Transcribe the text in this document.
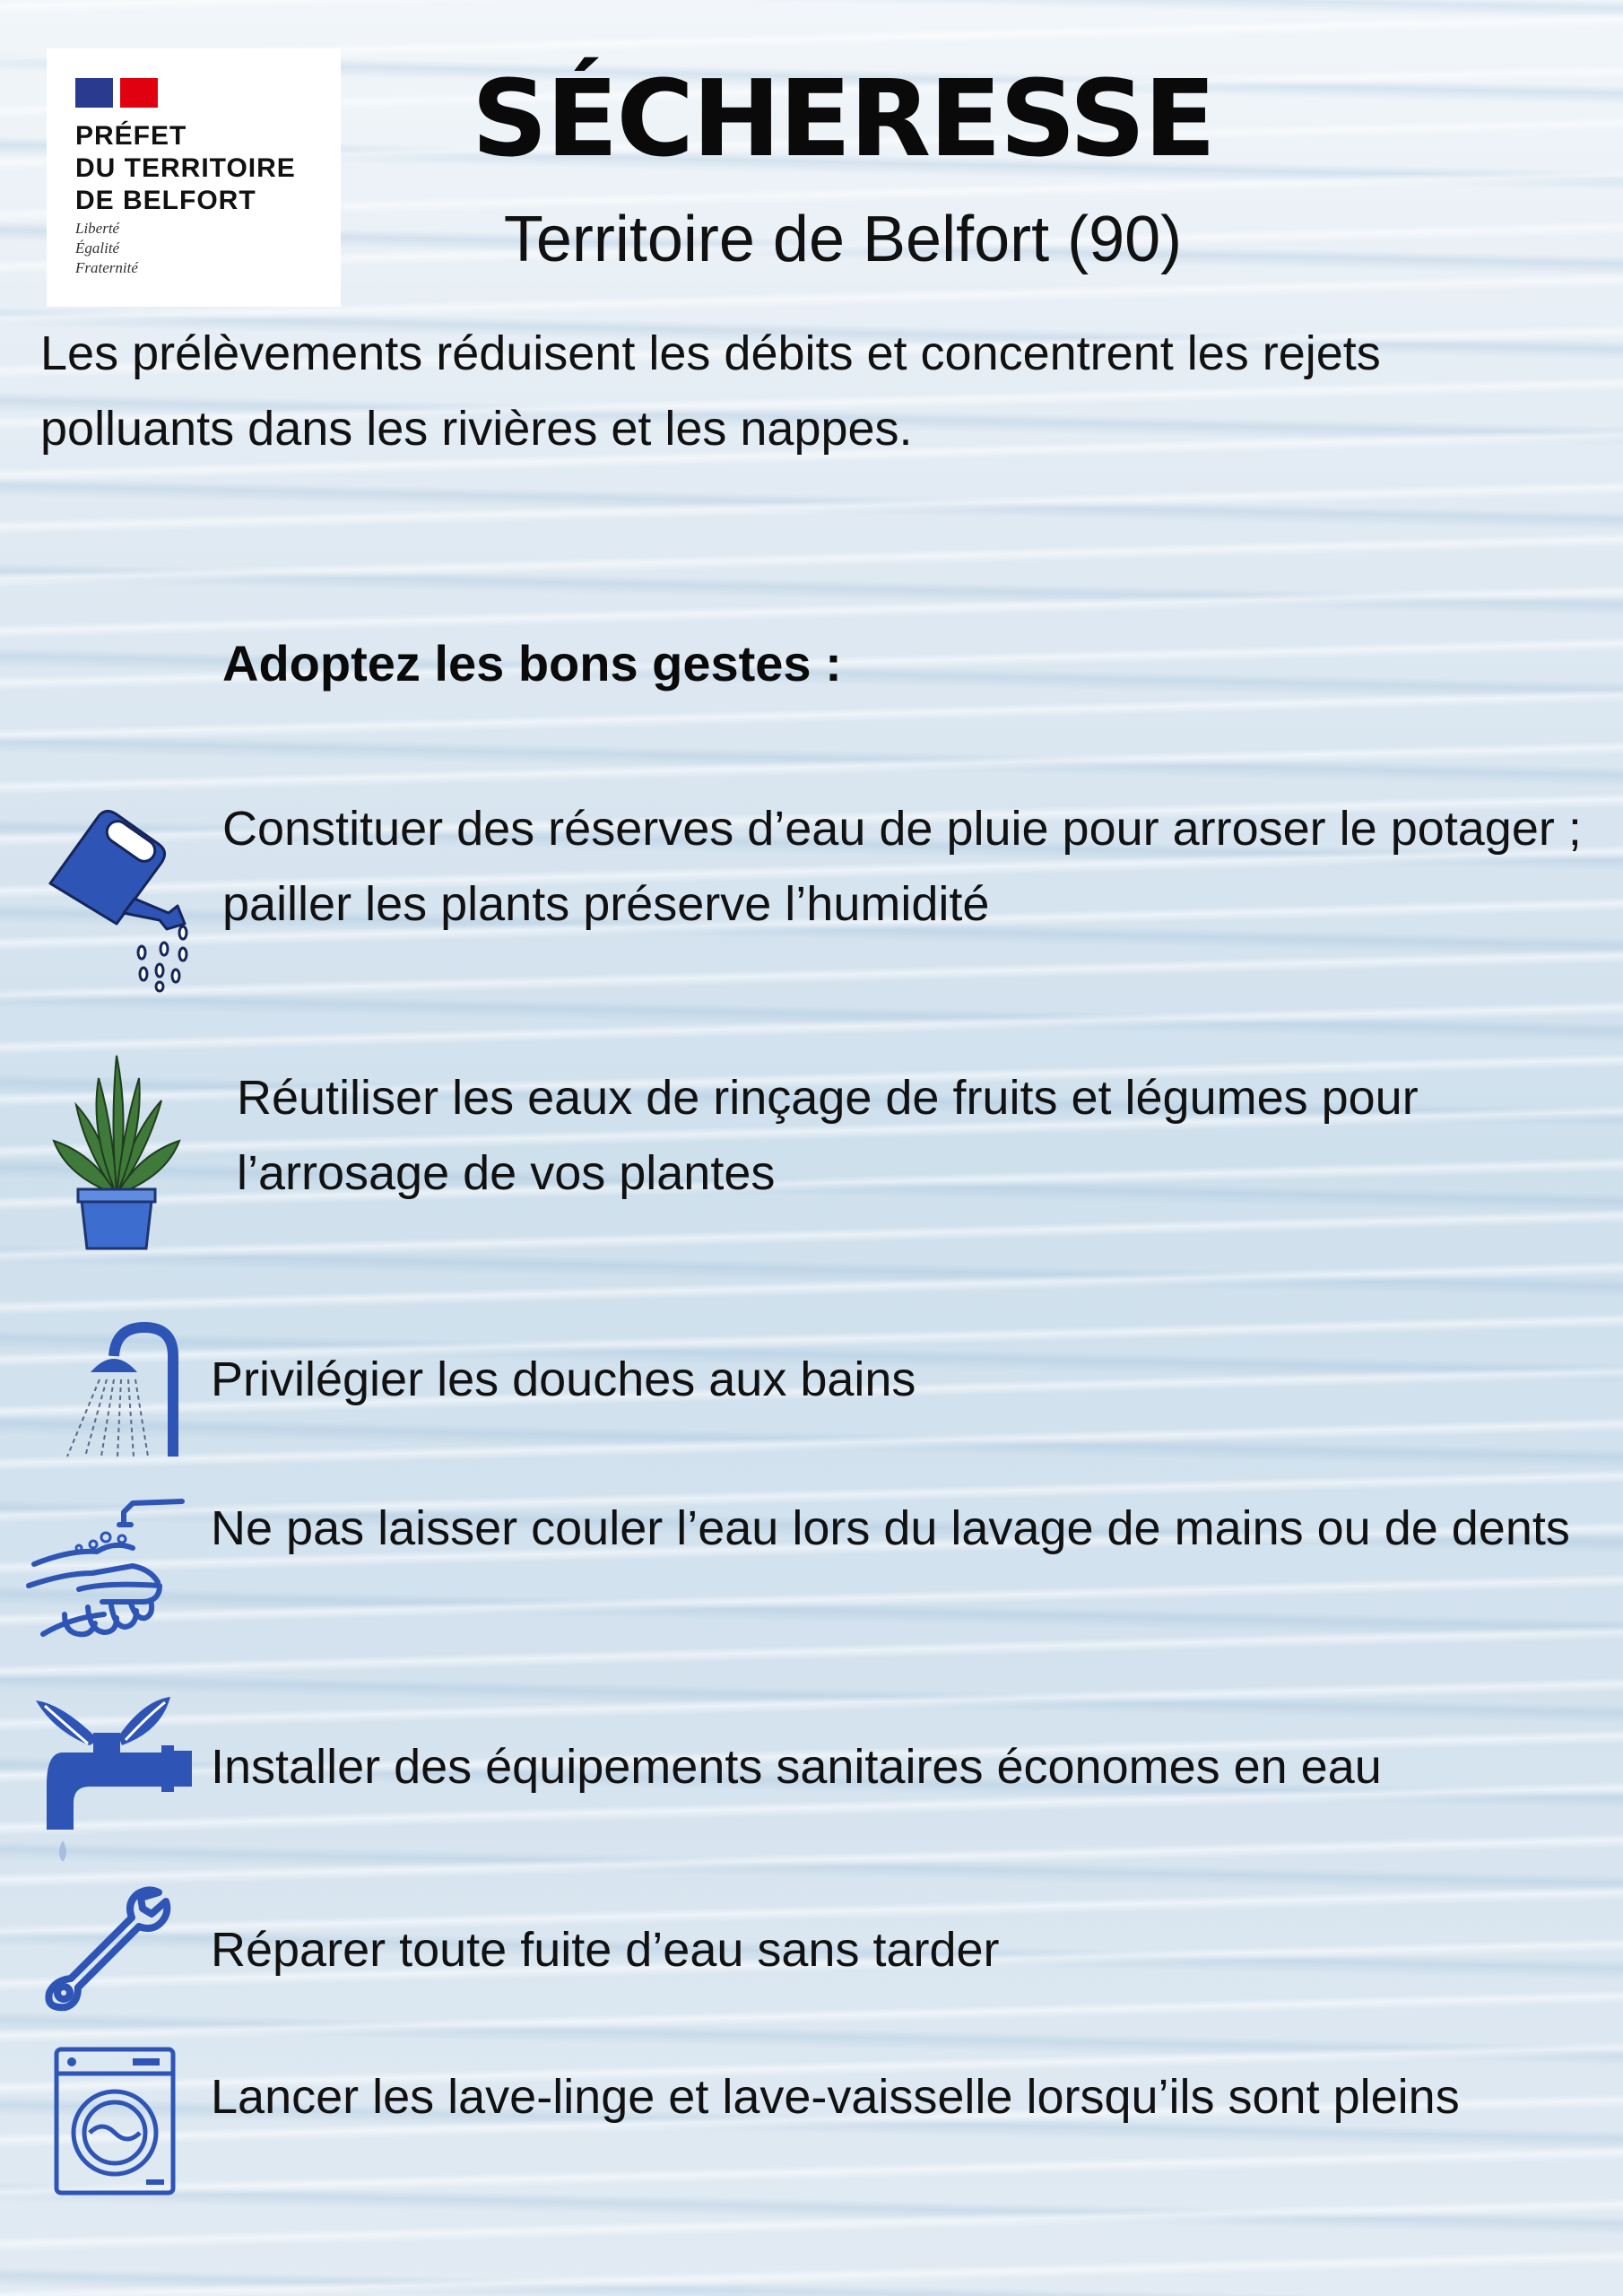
PRÉFET
DU TERRITOIRE
DE BELFORT
Liberté
Égalité
Fraternité
SÉCHERESSE
Territoire de Belfort (90)
Les prélèvements réduisent les débits et concentrent les rejets polluants dans les rivières et les nappes.
Adoptez les bons gestes :
Constituer des réserves d’eau de pluie pour arroser le potager ; pailler les plants préserve l’humidité
Réutiliser les eaux de rinçage de fruits et légumes pour l’arrosage de vos plantes
Privilégier les douches aux bains
Ne pas laisser couler l’eau lors du lavage de mains ou de dents
Installer des équipements sanitaires économes en eau
Réparer toute fuite d’eau sans tarder
Lancer les lave-linge et lave-vaisselle lorsqu’ils sont pleins
